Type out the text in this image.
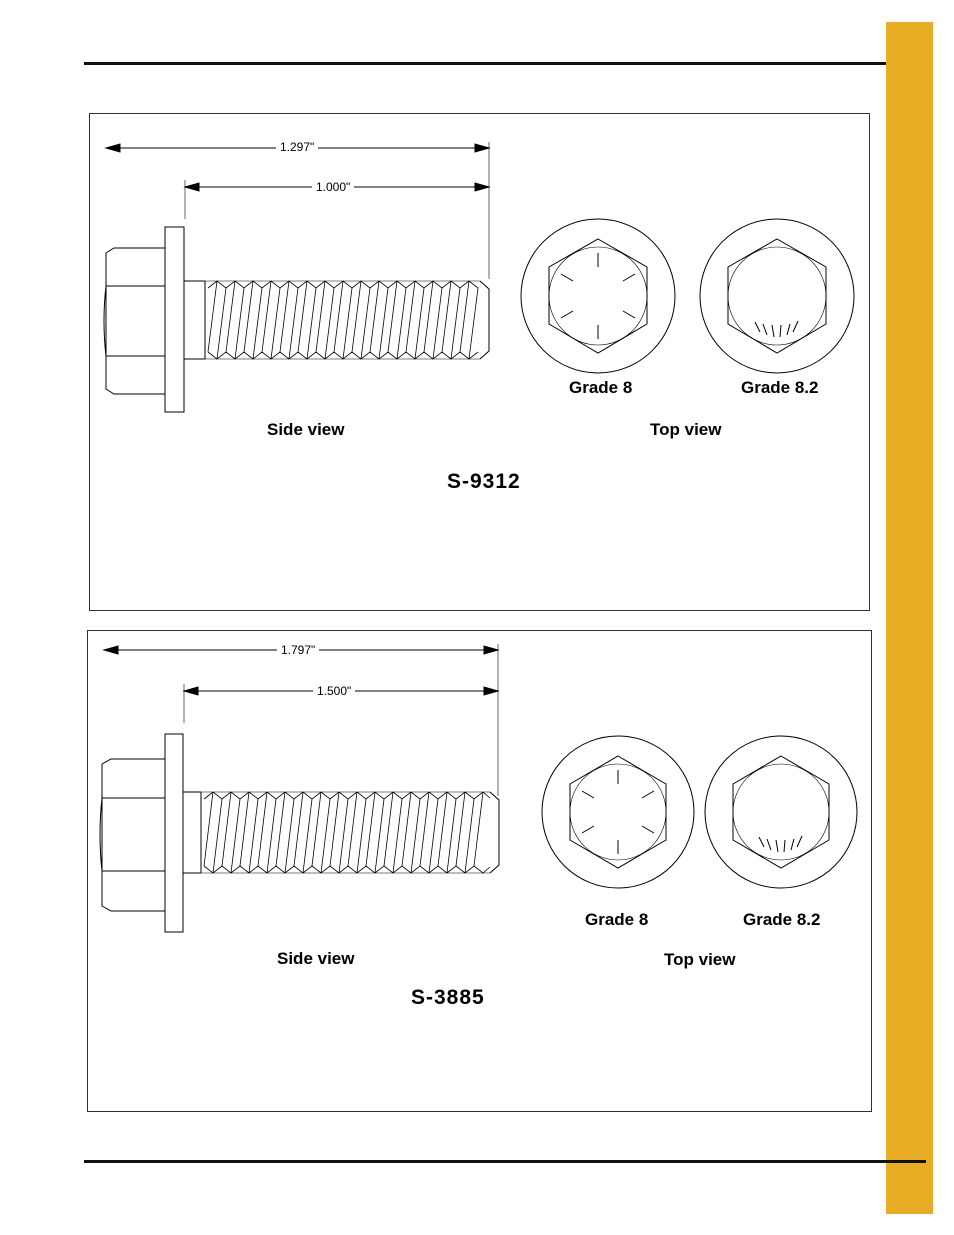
1.297"
1.000"
Grade 8	Grade 8.2
Side view	Top view
S-9312
1.797"
1.500"
Grade 8	Grade 8.2
Side view	Top view
S-3885
